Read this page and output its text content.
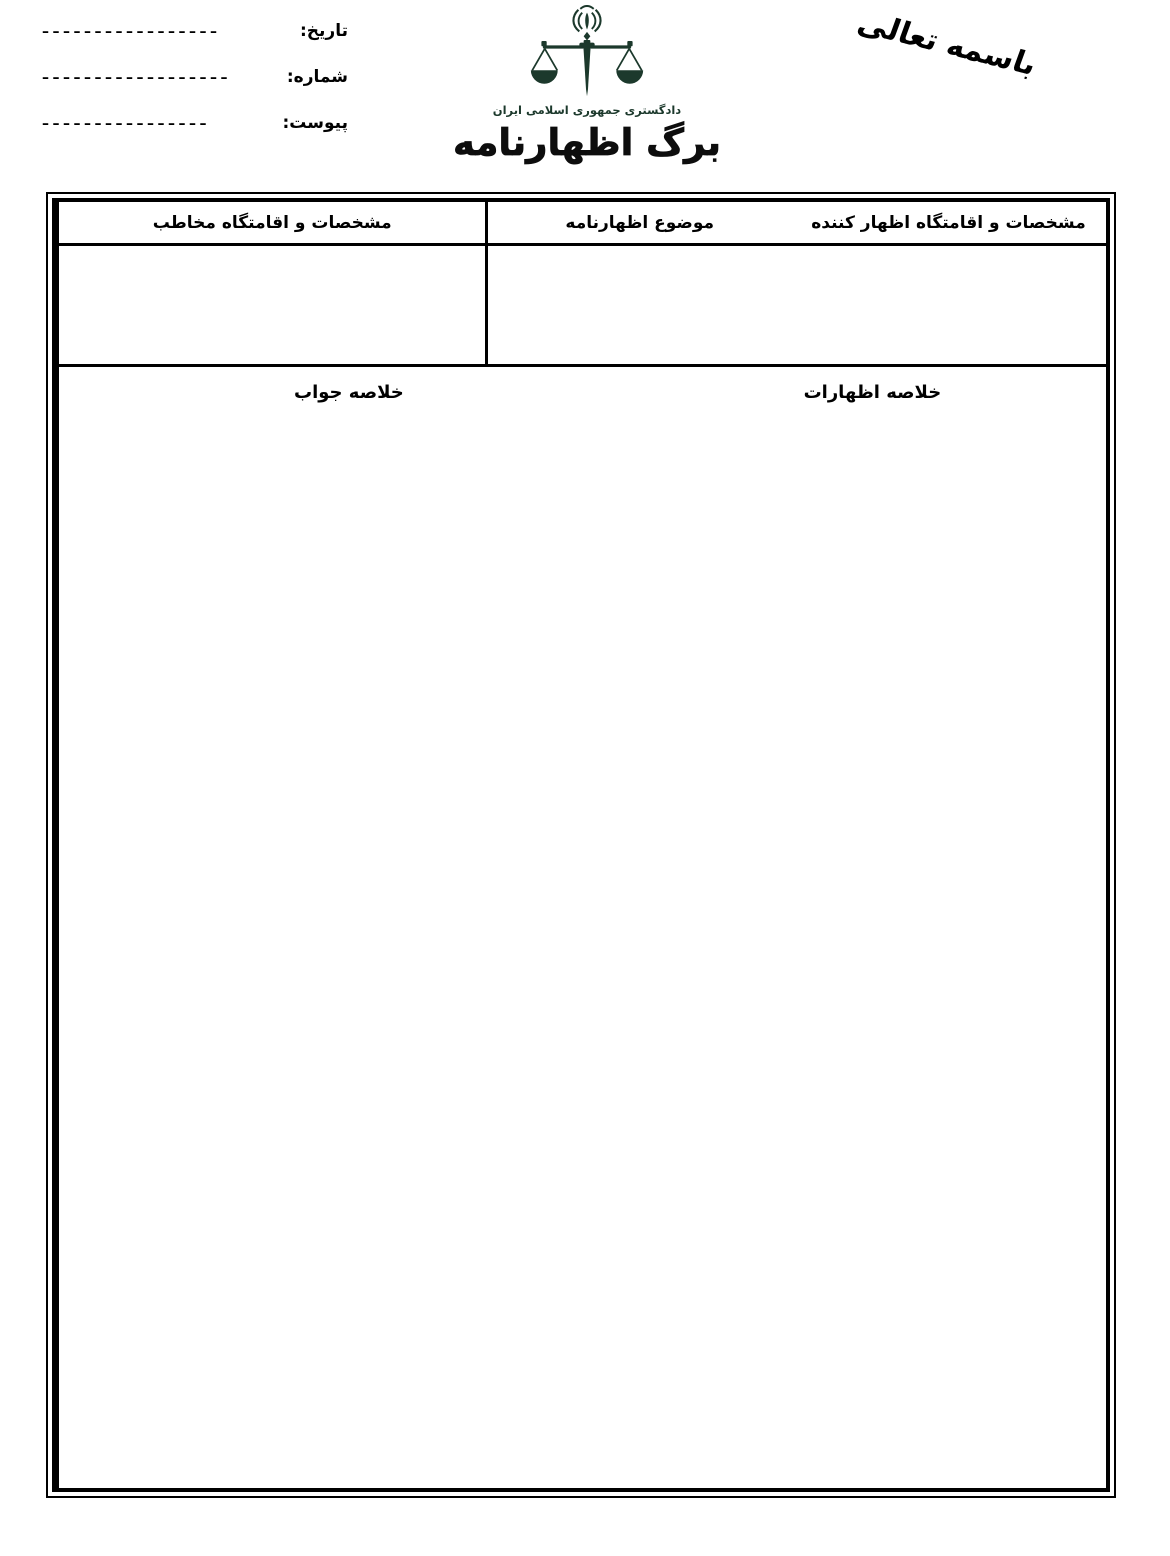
تاریخ:
–––––––––––––––––
شماره:
––––––––––––––––––
پیوست:
––––––––––––––––
دادگستری جمهوری اسلامی ایران
برگ اظهارنامه
باسمه تعالی
مشخصات و اقامتگاه اظهار کننده
موضوع اظهارنامه
مشخصات و اقامتگاه مخاطب
خلاصه اظهارات
خلاصه جواب
